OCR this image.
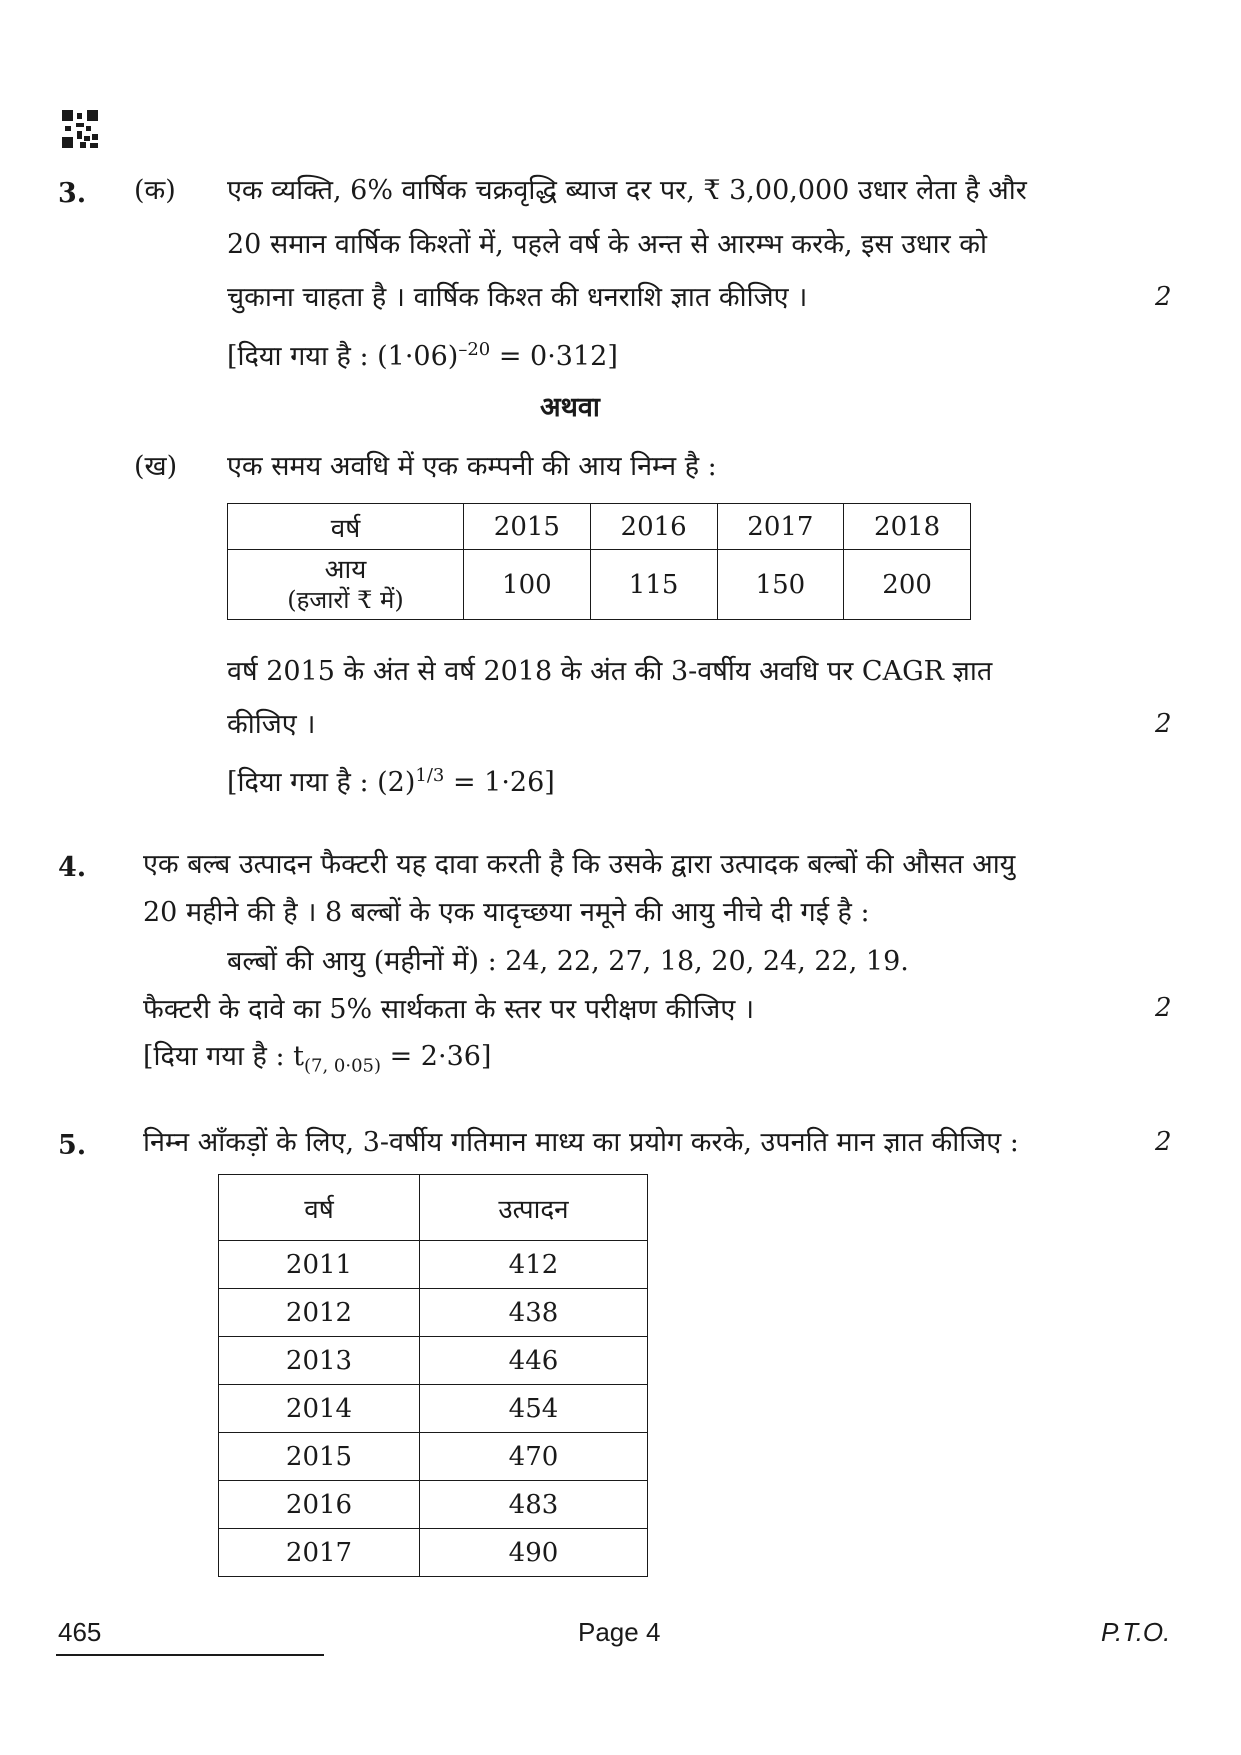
3. (क) एक व्यक्ति, 6% वार्षिक चक्रवृद्धि ब्याज दर पर, ₹ 3,00,000 उधार लेता है और
20 समान वार्षिक किश्तों में, पहले वर्ष के अन्त से आरम्भ करके, इस उधार को
चुकाना चाहता है । वार्षिक किश्त की धनराशि ज्ञात कीजिए ।	2
[दिया गया है : $(1\cdot 06)^{-20} = 0\cdot 312$]
अथवा
(ख) एक समय अवधि में एक कम्पनी की आय निम्न है :
वर्ष	2015	2016	2017	2018
आय
(हजारों ₹ में)	100	115	150	200
वर्ष 2015 के अंत से वर्ष 2018 के अंत की 3-वर्षीय अवधि पर CAGR ज्ञात
कीजिए ।	2
[दिया गया है : $(2)^{1/3} = 1\cdot 26$]
4. एक बल्ब उत्पादन फैक्टरी यह दावा करती है कि उसके द्वारा उत्पादक बल्बों की औसत आयु
20 महीने की है । 8 बल्बों के एक यादृच्छया नमूने की आयु नीचे दी गई है :
बल्बों की आयु (महीनों में) : 24, 22, 27, 18, 20, 24, 22, 19.
फैक्टरी के दावे का 5% सार्थकता के स्तर पर परीक्षण कीजिए ।	2
[दिया गया है : $t_{(7, 0\cdot 05)} = 2\cdot 36$]
5. निम्न आँकड़ों के लिए, 3-वर्षीय गतिमान माध्य का प्रयोग करके, उपनति मान ज्ञात कीजिए :	2
वर्ष	उत्पादन
2011	412
2012	438
2013	446
2014	454
2015	470
2016	483
2017	490
465	Page 4	P.T.O.
